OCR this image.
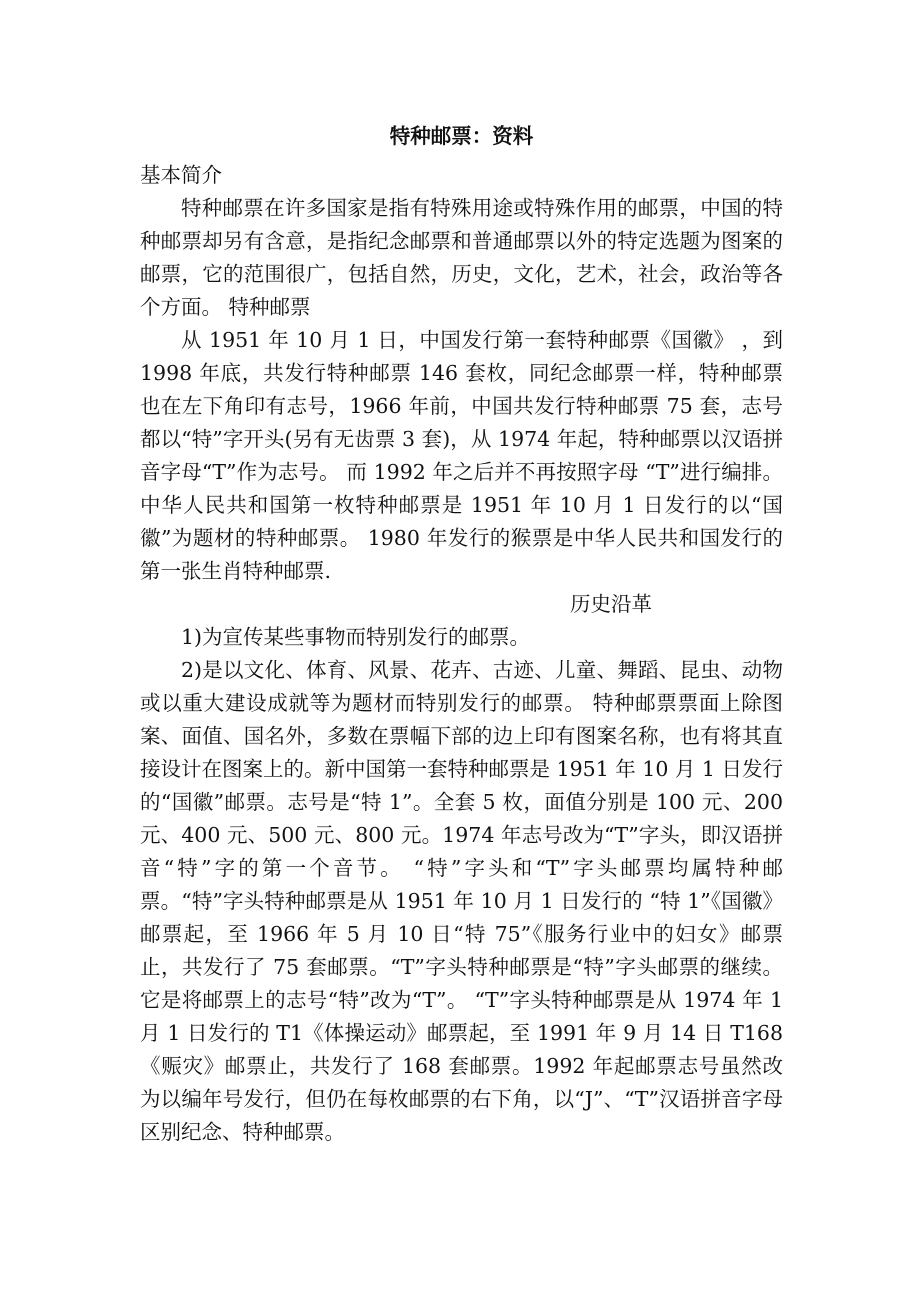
特种邮票：资料
基本简介

特种邮票在许多国家是指有特殊用途或特殊作用的邮票，中国的特种邮票却另有含意，是指纪念邮票和普通邮票以外的特定选题为图案的邮票，它的范围很广，包括自然，历史，文化，艺术，社会，政治等各个方面。 特种邮票

从 1951 年 10 月 1 日，中国发行第一套特种邮票《国徽》 ，到 1998 年底，共发行特种邮票 146 套枚，同纪念邮票一样，特种邮票也在左下角印有志号，1966 年前，中国共发行特种邮票 75 套，志号都以“特”字开头(另有无齿票 3 套)，从 1974 年起，特种邮票以汉语拼音字母“T”作为志号。 而 1992 年之后并不再按照字母 “T”进行编排。中华人民共和国第一枚特种邮票是 1951 年 10 月 1 日发行的以“国徽”为题材的特种邮票。 1980 年发行的猴票是中华人民共和国发行的第一张生肖特种邮票.

历史沿革

1)为宣传某些事物而特别发行的邮票。

2)是以文化、体育、风景、花卉、古迹、儿童、舞蹈、昆虫、动物或以重大建设成就等为题材而特别发行的邮票。 特种邮票票面上除图案、面值、国名外，多数在票幅下部的边上印有图案名称，也有将其直接设计在图案上的。新中国第一套特种邮票是 1951 年 10 月 1 日发行的“国徽”邮票。志号是“特 1”。全套 5 枚，面值分别是 100 元、200 元、400 元、500 元、800 元。1974 年志号改为“T”字头，即汉语拼音“特”字的第一个音节。 “特”字头和“T”字头邮票均属特种邮票。“特”字头特种邮票是从 1951 年 10 月 1 日发行的 “特 1”《国徽》邮票起，至 1966 年 5 月 10 日“特 75”《服务行业中的妇女》邮票止，共发行了 75 套邮票。“T”字头特种邮票是“特”字头邮票的继续。它是将邮票上的志号“特”改为“T”。 “T”字头特种邮票是从 1974 年 1 月 1 日发行的 T1《体操运动》邮票起，至 1991 年 9 月 14 日 T168《赈灾》邮票止，共发行了 168 套邮票。1992 年起邮票志号虽然改为以编年号发行，但仍在每枚邮票的右下角，以“J”、“T”汉语拼音字母区别纪念、特种邮票。
